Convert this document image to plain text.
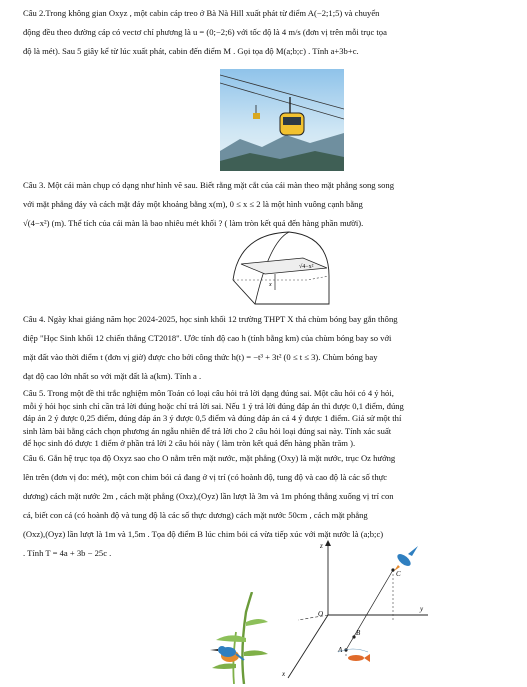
Câu 2.Trong không gian Oxyz , một cabin cáp treo ở Bà Nà Hill xuất phát từ điểm A(−2;1;5) và chuyển
động đều theo đường cáp có vectơ chỉ phương là u = (0;−2;6) với tốc độ là 4 m/s (đơn vị trên mỗi trục tọa
độ là mét). Sau 5 giây kể từ lúc xuất phát, cabin đến điểm M . Gọi tọa độ M(a;b;c) . Tính a+3b+c.
Câu 3. Một cái màn chụp có dạng như hình vẽ sau. Biết rằng mặt cắt của cái màn theo mặt phẳng song song
với mặt phẳng đáy và cách mặt đáy một khoảng bằng x(m), 0 ≤ x ≤ 2 là một hình vuông cạnh bằng
√(4−x²) (m). Thể tích của cái màn là bao nhiêu mét khối ? ( làm tròn kết quả đến hàng phần mười).
√4−x²
x
Câu 4. Ngày khai giảng năm học 2024-2025, học sinh khối 12 trường THPT X thả chùm bóng bay gắn thông
điệp "Học Sinh khối 12 chiến thắng CT2018". Ước tính độ cao h (tính bằng km) của chùm bóng bay so với
mặt đất vào thời điểm t (đơn vị giờ) được cho bởi công thức h(t) = −t³ + 3t² (0 ≤ t ≤ 3). Chùm bóng bay
đạt độ cao lớn nhất so với mặt đất là a(km). Tính a .
Câu 5. Trong một đề thi trắc nghiệm môn Toán có loại câu hỏi trả lời dạng đúng sai. Một câu hỏi có 4 ý hỏi,
mỗi ý hỏi học sinh chỉ cần trả lời đúng hoặc chỉ trả lời sai. Nếu 1 ý trả lời đúng đáp án thì được 0,1 điểm, đúng
đáp án 2 ý được 0,25 điểm, đúng đáp án 3 ý được 0,5 điểm và đúng đáp án cả 4 ý được 1 điểm. Giả sử một thí
sinh làm bài bằng cách chọn phương án ngẫu nhiên để trả lời cho 2 câu hỏi loại đúng sai này. Tính xác suất
để học sinh đó được 1 điểm ở phần trả lời 2 câu hỏi này ( làm tròn kết quả đến hàng phần trăm ).
Câu 6. Gắn hệ trục tọa độ Oxyz sao cho O nằm trên mặt nước, mặt phẳng (Oxy) là mặt nước, trục Oz hướng
lên trên (đơn vị đo: mét), một con chim bói cá đang ở vị trí (có hoành độ, tung độ và cao độ là các số thực
dương) cách mặt nước 2m , cách mặt phẳng (Oxz),(Oyz) lần lượt là 3m và 1m phóng thẳng xuống vị trí con
cá, biết con cá (có hoành độ và tung độ là các số thực dương) cách mặt nước 50cm , cách mặt phẳng
(Oxz),(Oyz) lần lượt là 1m và 1,5m . Tọa độ điểm B lúc chim bói cá vừa tiếp xúc với mặt nước là (a;b;c)
. Tính T = 4a + 3b − 25c .
z
y
x
O
C
B
A
